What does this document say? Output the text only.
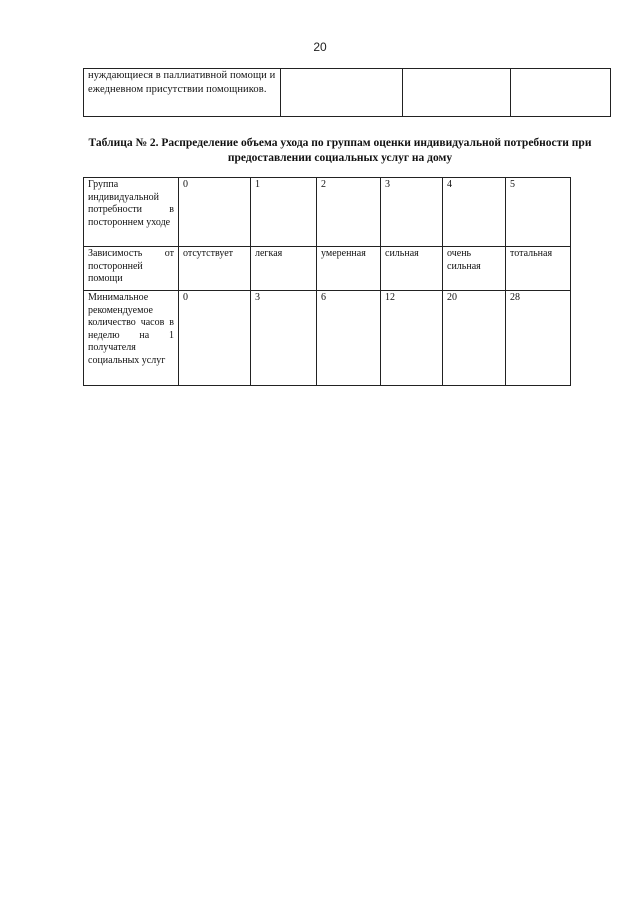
20
нуждающиеся в паллиативной помощи и ежедневном присутствии помощников.			
Таблица № 2. Распределение объема ухода по группам оценки индивидуальной потребности при предоставлении социальных услуг на дому
Группа индивидуальной потребности в постороннем уходе	0	1	2	3	4	5
Зависимость от посторонней помощи	отсутствует	легкая	умеренная	сильная	очень сильная	тотальная
Минимальное рекомендуемое количество часов в неделю на 1 получателя социальных услуг	0	3	6	12	20	28
